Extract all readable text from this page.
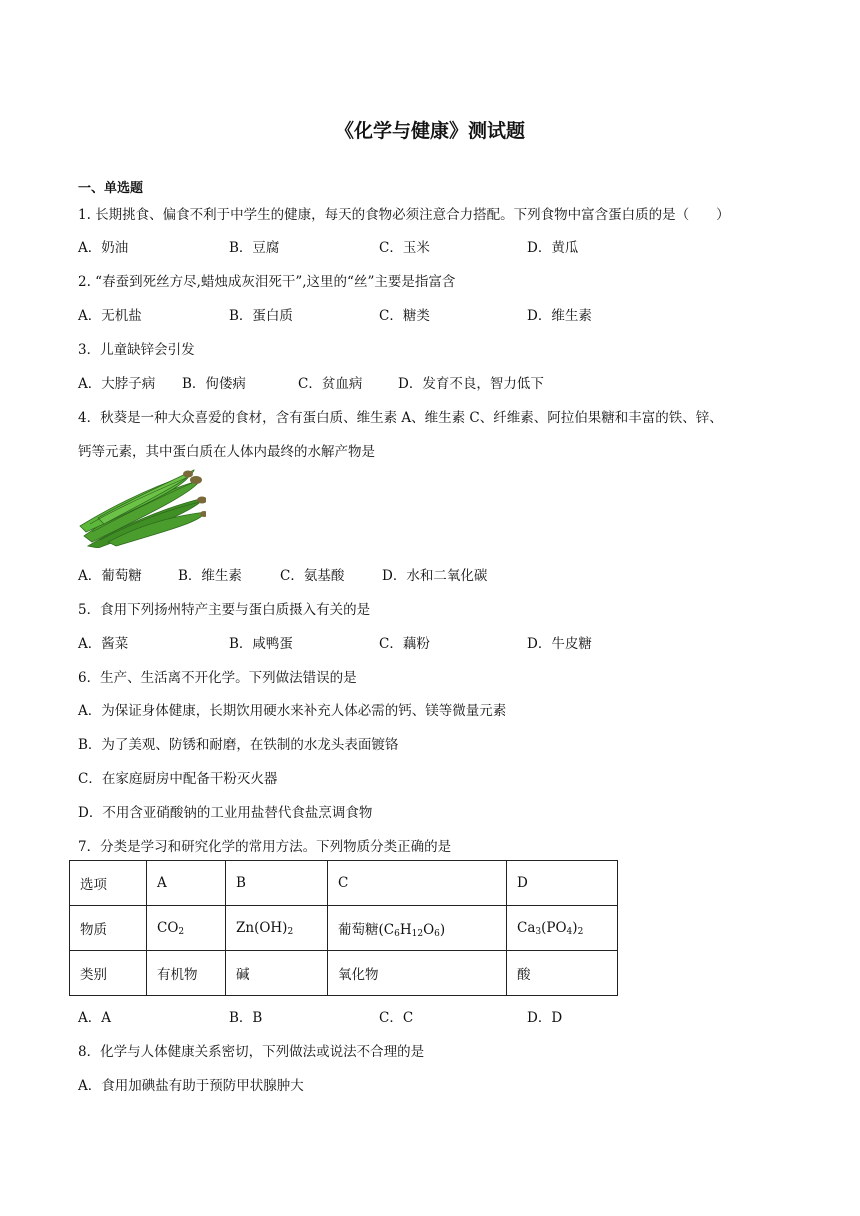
《化学与健康》测试题
一、单选题
1. 长期挑食、偏食不利于中学生的健康，每天的食物必须注意合力搭配。下列食物中富含蛋白质的是（　　）
A．奶油	B．豆腐	C．玉米	D．黄瓜
2. “春蚕到死丝方尽,蜡烛成灰泪死干”,这里的“丝”主要是指富含
A．无机盐	B．蛋白质	C．糖类	D．维生素
3．儿童缺锌会引发
A．大脖子病 B．佝偻病	C．贫血病	D．发育不良，智力低下
4．秋葵是一种大众喜爱的食材，含有蛋白质、维生素 A、维生素 C、纤维素、阿拉伯果糖和丰富的铁、锌、
钙等元素，其中蛋白质在人体内最终的水解产物是
A．葡萄糖	B．维生素	C．氨基酸	D．水和二氧化碳
5．食用下列扬州特产主要与蛋白质摄入有关的是
A．酱菜	B．咸鸭蛋	C．藕粉	D．牛皮糖
6．生产、生活离不开化学。下列做法错误的是
A．为保证身体健康，长期饮用硬水来补充人体必需的钙、镁等微量元素
B．为了美观、防锈和耐磨，在铁制的水龙头表面镀铬
C．在家庭厨房中配备干粉灭火器
D．不用含亚硝酸钠的工业用盐替代食盐烹调食物
7．分类是学习和研究化学的常用方法。下列物质分类正确的是
选项	A	B	C	D
物质	$CO_2$	$Zn(OH)_2$	葡萄糖$(C_6H_{12}O_6)$	$Ca_3(PO_4)_2$
类别	有机物	碱	氧化物	酸
A．A	B．B	C．C	D．D
8．化学与人体健康关系密切，下列做法或说法不合理的是
A．食用加碘盐有助于预防甲状腺肿大
